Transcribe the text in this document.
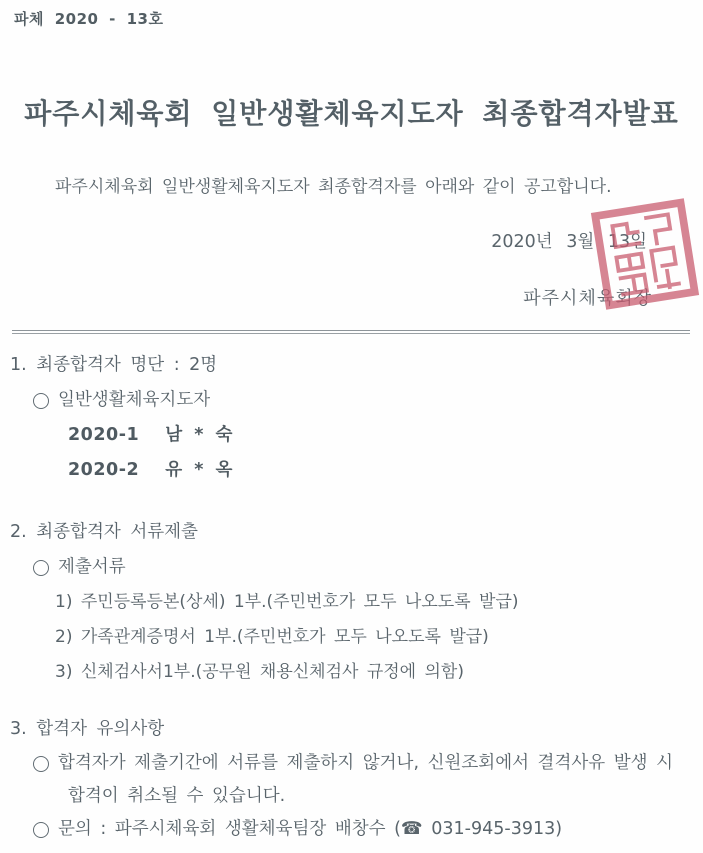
파체 2020 - 13호
파주시체육회 일반생활체육지도자 최종합격자발표

파주시체육회 일반생활체육지도자 최종합격자를 아래와 같이 공고합니다.

2020년 3월 13일
파주시체육회장
1. 최종합격자 명단 : 2명
일반생활체육지도자
2020-1 남 * 숙
2020-2 유 * 옥
2. 최종합격자 서류제출
제출서류
1) 주민등록등본(상세) 1부.(주민번호가 모두 나오도록 발급)
2) 가족관계증명서 1부.(주민번호가 모두 나오도록 발급)
3) 신체검사서1부.(공무원 채용신체검사 규정에 의함)
3. 합격자 유의사항
합격자가 제출기간에 서류를 제출하지 않거나, 신원조회에서 결격사유 발생 시
합격이 취소될 수 있습니다.
문의 : 파주시체육회 생활체육팀장 배창수 (☎ 031-945-3913)
